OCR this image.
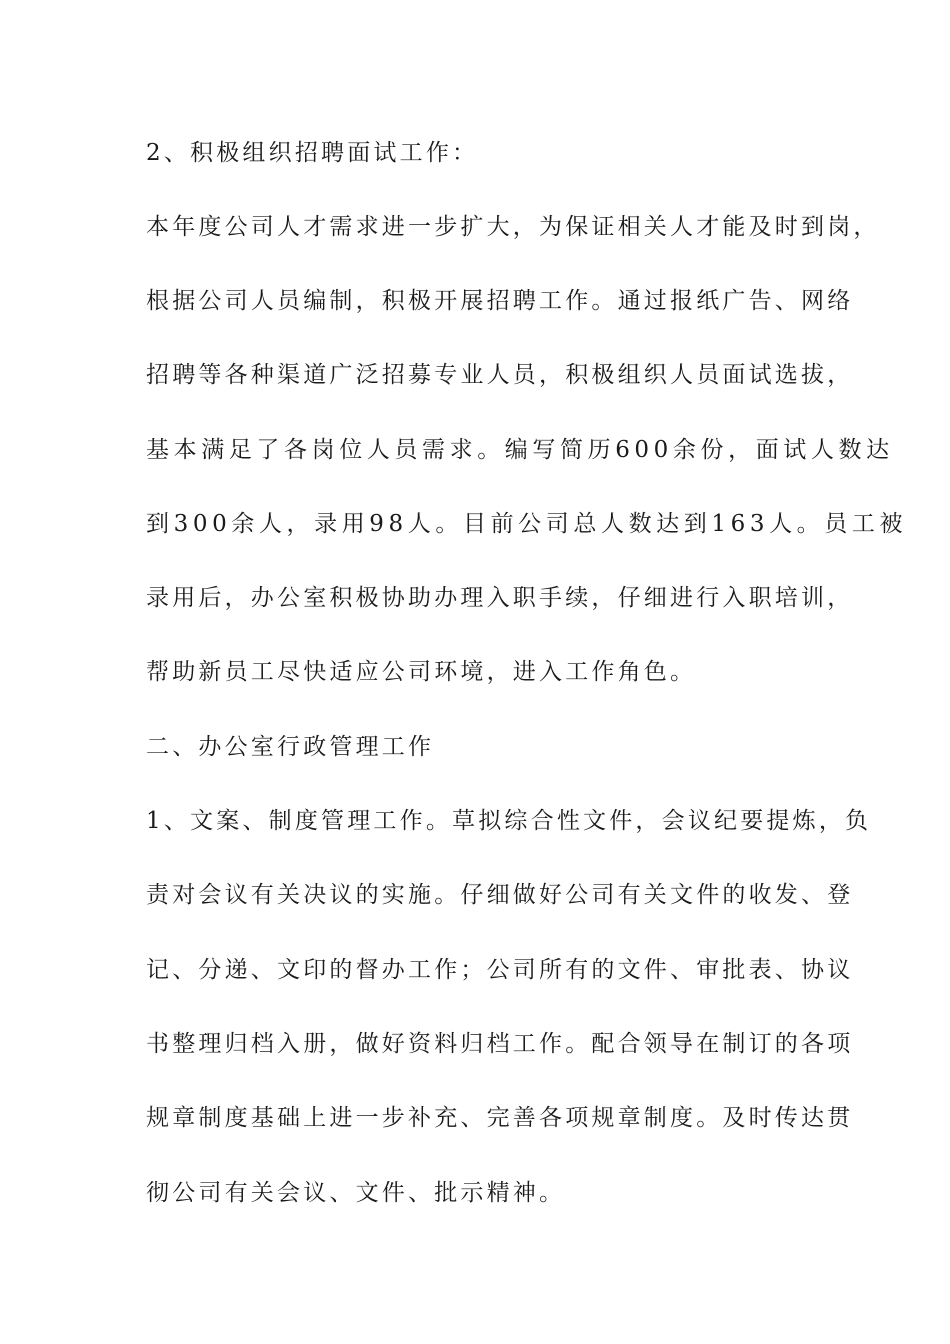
2、积极组织招聘面试工作：
本年度公司人才需求进一步扩大，为保证相关人才能及时到岗，
根据公司人员编制，积极开展招聘工作。通过报纸广告、网络
招聘等各种渠道广泛招募专业人员，积极组织人员面试选拔，
基本满足了各岗位人员需求。编写简历600余份，面试人数达
到300余人，录用98人。目前公司总人数达到163人。员工被
录用后，办公室积极协助办理入职手续，仔细进行入职培训，
帮助新员工尽快适应公司环境，进入工作角色。
二、办公室行政管理工作
1、文案、制度管理工作。草拟综合性文件，会议纪要提炼，负
责对会议有关决议的实施。仔细做好公司有关文件的收发、登
记、分递、文印的督办工作；公司所有的文件、审批表、协议
书整理归档入册，做好资料归档工作。配合领导在制订的各项
规章制度基础上进一步补充、完善各项规章制度。及时传达贯
彻公司有关会议、文件、批示精神。
